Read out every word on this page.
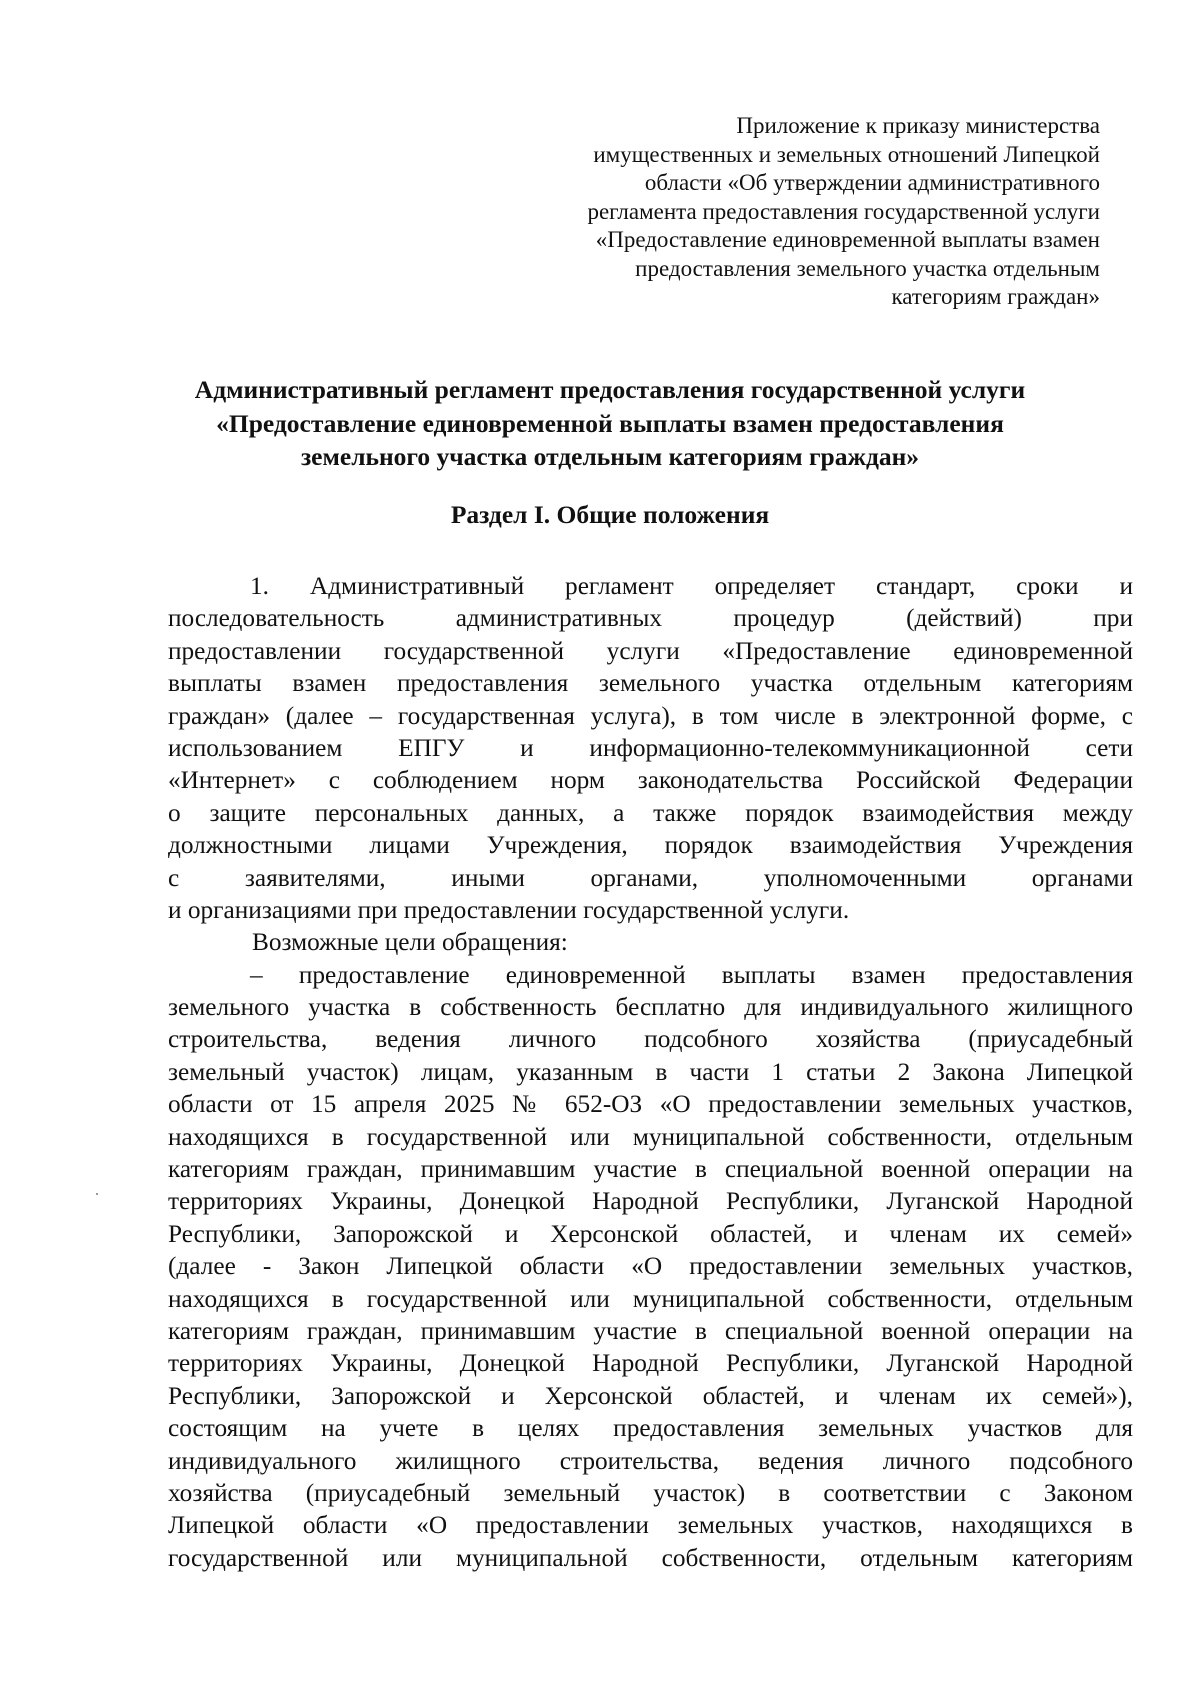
Приложение к приказу министерства
имущественных и земельных отношений Липецкой
области «Об утверждении административного
регламента предоставления государственной услуги
«Предоставление единовременной выплаты взамен
предоставления земельного участка отдельным
категориям граждан»
Административный регламент предоставления государственной услуги
«Предоставление единовременной выплаты взамен предоставления
земельного участка отдельным категориям граждан»
Раздел I. Общие положения
1. Административный регламент определяет стандарт, сроки и
последовательность административных процедур (действий) при
предоставлении государственной услуги «Предоставление единовременной
выплаты взамен предоставления земельного участка отдельным категориям
граждан» (далее – государственная услуга), в том числе в электронной форме, с
использованием ЕПГУ и информационно-телекоммуникационной сети
«Интернет» с соблюдением норм законодательства Российской Федерации
о защите персональных данных, а также порядок взаимодействия между
должностными лицами Учреждения, порядок взаимодействия Учреждения
с заявителями, иными органами, уполномоченными органами
и организациями при предоставлении государственной услуги.
Возможные цели обращения:
– предоставление единовременной выплаты взамен предоставления
земельного участка в собственность бесплатно для индивидуального жилищного
строительства, ведения личного подсобного хозяйства (приусадебный
земельный участок) лицам, указанным в части 1 статьи 2 Закона Липецкой
области от 15 апреля 2025 № 652-ОЗ «О предоставлении земельных участков,
находящихся в государственной или муниципальной собственности, отдельным
категориям граждан, принимавшим участие в специальной военной операции на
территориях Украины, Донецкой Народной Республики, Луганской Народной
Республики, Запорожской и Херсонской областей, и членам их семей»
(далее - Закон Липецкой области «О предоставлении земельных участков,
находящихся в государственной или муниципальной собственности, отдельным
категориям граждан, принимавшим участие в специальной военной операции на
территориях Украины, Донецкой Народной Республики, Луганской Народной
Республики, Запорожской и Херсонской областей, и членам их семей»),
состоящим на учете в целях предоставления земельных участков для
индивидуального жилищного строительства, ведения личного подсобного
хозяйства (приусадебный земельный участок) в соответствии с Законом
Липецкой области «О предоставлении земельных участков, находящихся в
государственной или муниципальной собственности, отдельным категориям
